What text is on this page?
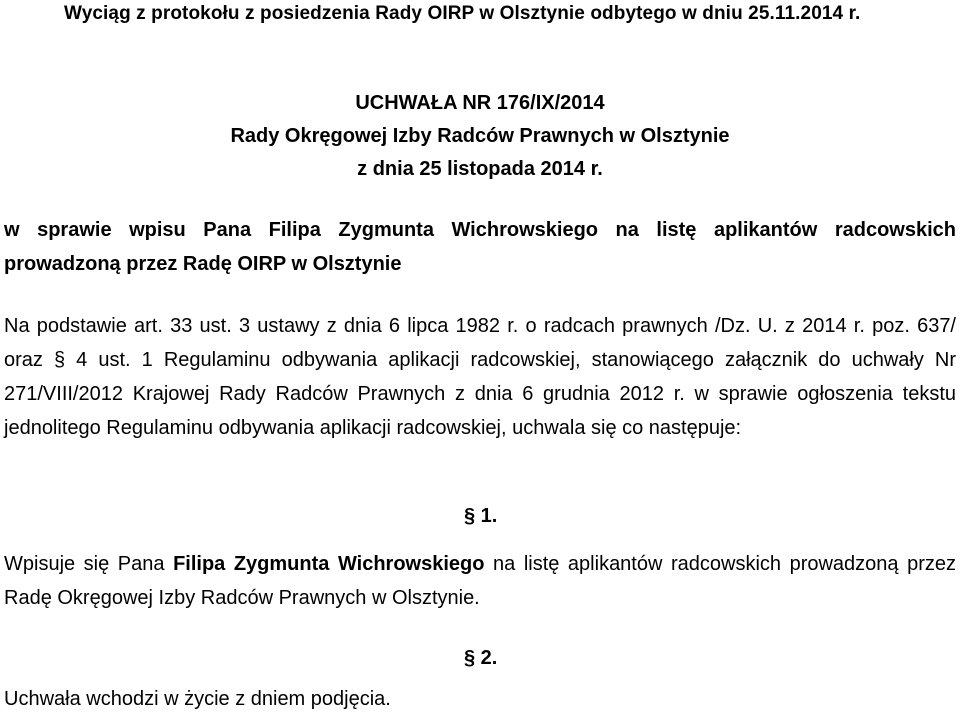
Wyciąg z protokołu z posiedzenia Rady OIRP w Olsztynie odbytego w dniu 25.11.2014 r.

UCHWAŁA NR 176/IX/2014

Rady Okręgowej Izby Radców Prawnych w Olsztynie

z dnia 25 listopada 2014 r.

w sprawie wpisu Pana Filipa Zygmunta Wichrowskiego na listę aplikantów radcowskich prowadzoną przez Radę OIRP w Olsztynie

Na podstawie art. 33 ust. 3 ustawy z dnia 6 lipca 1982 r. o radcach prawnych /Dz. U. z 2014 r. poz. 637/ oraz § 4 ust. 1 Regulaminu odbywania aplikacji radcowskiej, stanowiącego załącznik do uchwały Nr 271/VIII/2012 Krajowej Rady Radców Prawnych z dnia 6 grudnia 2012 r. w sprawie ogłoszenia tekstu jednolitego Regulaminu odbywania aplikacji radcowskiej, uchwala się co następuje:

§ 1.

Wpisuje się Pana Filipa Zygmunta Wichrowskiego na listę aplikantów radcowskich prowadzoną przez Radę Okręgowej Izby Radców Prawnych w Olsztynie.

§ 2.

Uchwała wchodzi w życie z dniem podjęcia.
